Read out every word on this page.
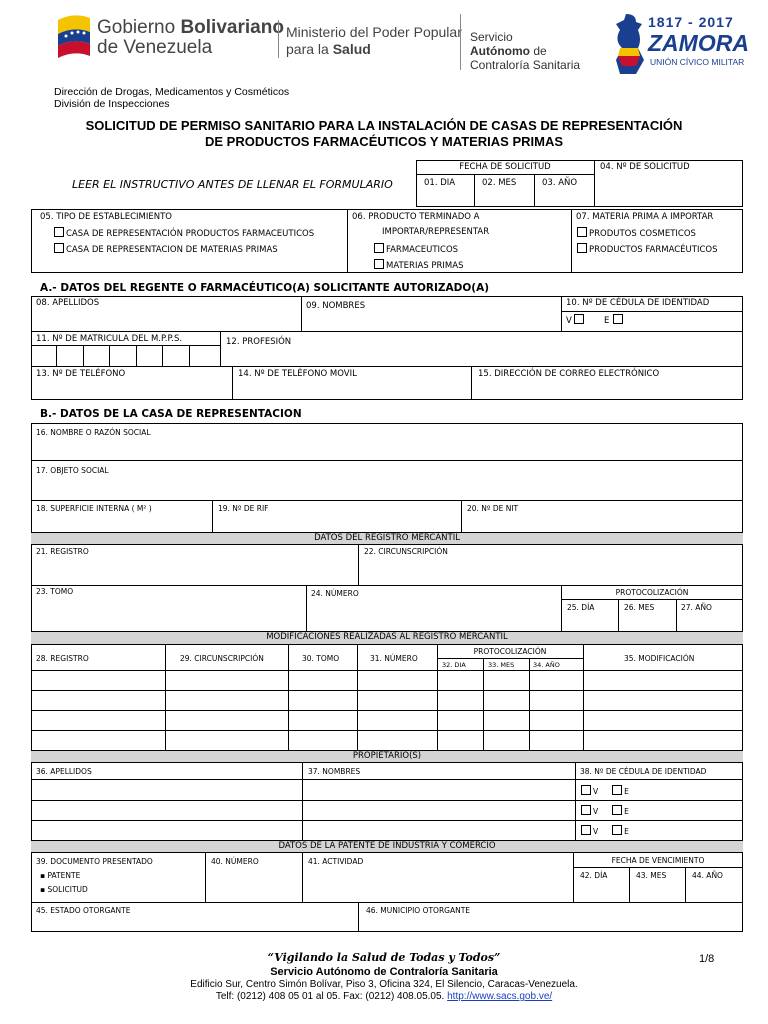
Gobierno Bolivariano
de Venezuela
Ministerio del Poder Popular
para la Salud
Servicio
Autónomo de
Contraloría Sanitaria
1817 - 2017
ZAMORA
UNIÓN CÍVICO MILITAR
Dirección de Drogas, Medicamentos y Cosméticos
División de Inspecciones
SOLICITUD DE PERMISO SANITARIO PARA LA INSTALACIÓN DE CASAS DE REPRESENTACIÓN
DE PRODUCTOS FARMACÉUTICOS Y MATERIAS PRIMAS
LEER EL INSTRUCTIVO ANTES DE LLENAR EL FORMULARIO
FECHA DE SOLICITUD
01. DIA	02. MES	03. AÑO
04. Nº DE SOLICITUD
05. TIPO DE ESTABLECIMIENTO
CASA DE REPRESENTACIÓN PRODUCTOS FARMACEUTICOS
CASA DE REPRESENTACION DE MATERIAS PRIMAS
06. PRODUCTO TERMINADO A
IMPORTAR/REPRESENTAR
FARMACEUTICOS
MATERIAS PRIMAS
07. MATERIA PRIMA A IMPORTAR
PRODUTOS COSMETICOS
PRODUCTOS FARMACÉUTICOS
A.- DATOS DEL REGENTE O FARMACÉUTICO(A) SOLICITANTE AUTORIZADO(A)
08. APELLIDOS	09. NOMBRES	10. Nº DE CÉDULA DE IDENTIDAD
V	E
11. Nº DE MATRICULA DEL M.P.P.S.	12. PROFESIÓN
13. Nº DE TELÉFONO	14. Nº DE TELÉFONO MOVIL	15. DIRECCIÓN DE CORREO ELECTRÓNICO
B.- DATOS DE LA CASA DE REPRESENTACION
16. NOMBRE O RAZÓN SOCIAL
17. OBJETO SOCIAL
18. SUPERFICIE INTERNA ( M² )	19. Nº DE RIF	20. Nº DE NIT
DATOS DEL REGISTRO MERCANTIL
21. REGISTRO	22. CIRCUNSCRIPCIÓN
23. TOMO	24. NÚMERO	PROTOCOLIZACIÓN
25. DÍA	26. MES	27. AÑO
MODIFICACIONES REALIZADAS AL REGISTRO MERCANTIL
28. REGISTRO	29. CIRCUNSCRIPCIÓN	30. TOMO	31. NÚMERO
PROTOCOLIZACIÓN
32. DIA	33. MES	34. AÑO
35. MODIFICACIÓN
PROPIETARIO(S)
36. APELLIDOS	37. NOMBRES	38. Nº DE CÉDULA DE IDENTIDAD
V	E
V	E
V	E
DATOS DE LA PATENTE DE INDUSTRIA Y COMERCIO
39. DOCUMENTO PRESENTADO
▪ PATENTE
▪ SOLICITUD
40. NÚMERO	41. ACTIVIDAD	FECHA DE VENCIMIENTO
42. DÍA	43. MES	44. AÑO
45. ESTADO OTORGANTE	46. MUNICIPIO OTORGANTE
“Vigilando la Salud de Todas y Todos”	1/8
Servicio Autónomo de Contraloría Sanitaria
Edificio Sur, Centro Simón Bolívar, Piso 3, Oficina 324, El Silencio, Caracas-Venezuela.
Telf: (0212) 408 05 01 al 05. Fax: (0212) 408.05.05. http://www.sacs.gob.ve/
